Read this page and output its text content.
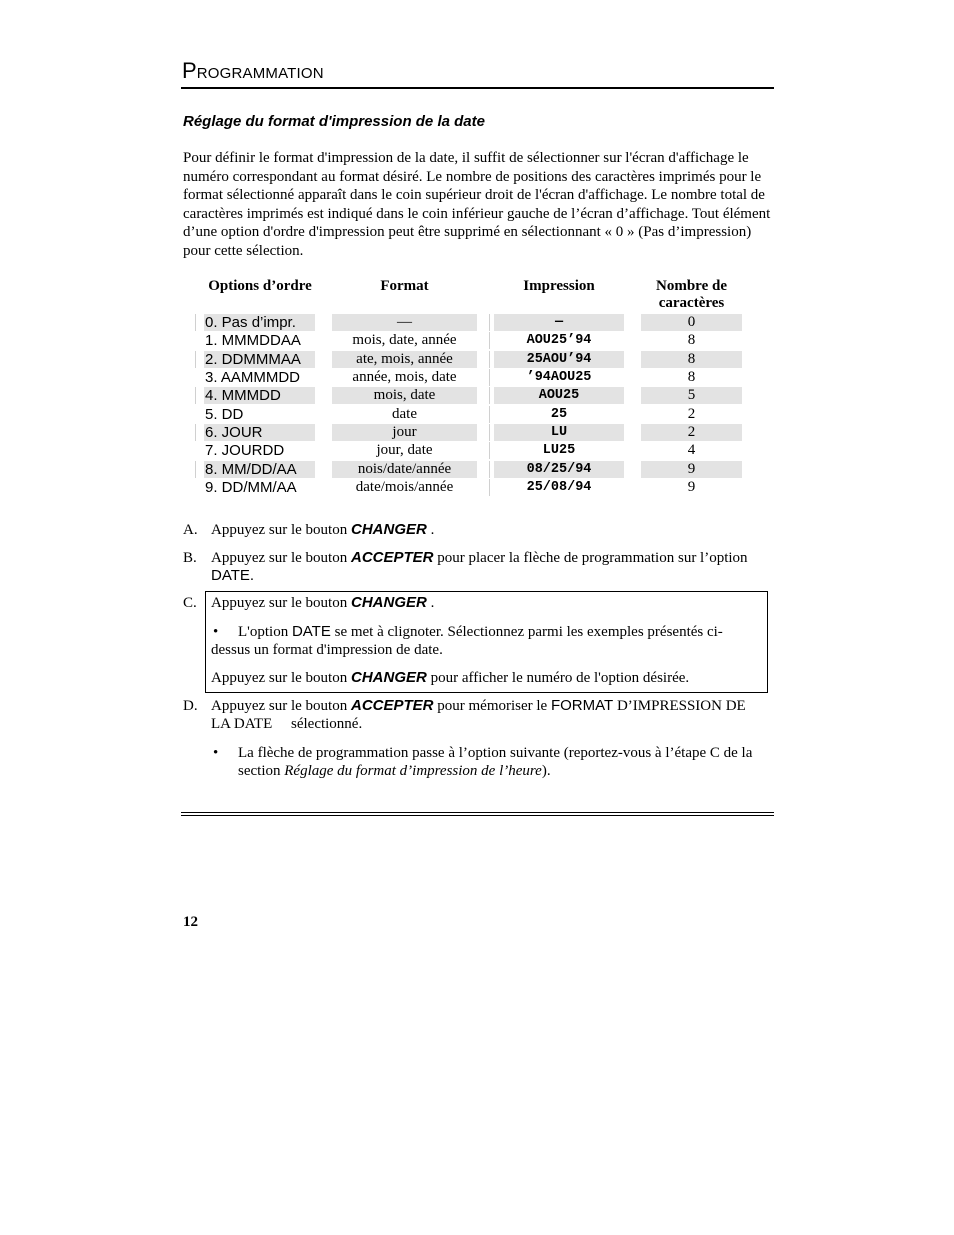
PROGRAMMATION
Réglage du format d'impression de la date
Pour définir le format d'impression de la date, il suffit de sélectionner sur l'écran d'affichage le numéro correspondant au format désiré. Le nombre de positions des caractères imprimés pour le format sélectionné apparaît dans le coin supérieur droit de l'écran d'affichage. Le nombre total de caractères imprimés est indiqué dans le coin inférieur gauche de l’écran d’affichage. Tout élément d’une option d'ordre d'impression peut être supprimé en sélectionnant « 0 » (Pas d’impression) pour cette sélection.
Options d’ordre	Format	Impression	Nombre de
caractères
0. Pas d’impr.	—	—	0
1. MMMDDAA	mois, date, année	AOU25’94	8
2. DDMMMAA	ate, mois, année	25AOU’94	8
3. AAMMMDD	année, mois, date	’94AOU25	8
4. MMMDD	mois, date	AOU25	5
5. DD	date	25	2
6. JOUR	jour	LU	2
7. JOURDD	jour, date	LU25	4
8. MM/DD/AA	nois/date/année	08/25/94	9
9. DD/MM/AA	date/mois/année	25/08/94	9
A. Appuyez sur le bouton CHANGER .
B. Appuyez sur le bouton ACCEPTER pour placer la flèche de programmation sur l’option
DATE.
C. Appuyez sur le bouton CHANGER .
• L'option DATE se met à clignoter. Sélectionnez parmi les exemples présentés ci-
dessus un format d'impression de date.
Appuyez sur le bouton CHANGER pour afficher le numéro de l'option désirée.
D. Appuyez sur le bouton ACCEPTER pour mémoriser le FORMAT D’IMPRESSION DE
LA DATE     sélectionné.
• La flèche de programmation passe à l’option suivante (reportez-vous à l’étape C de la
section Réglage du format d’impression de l’heure).
12
